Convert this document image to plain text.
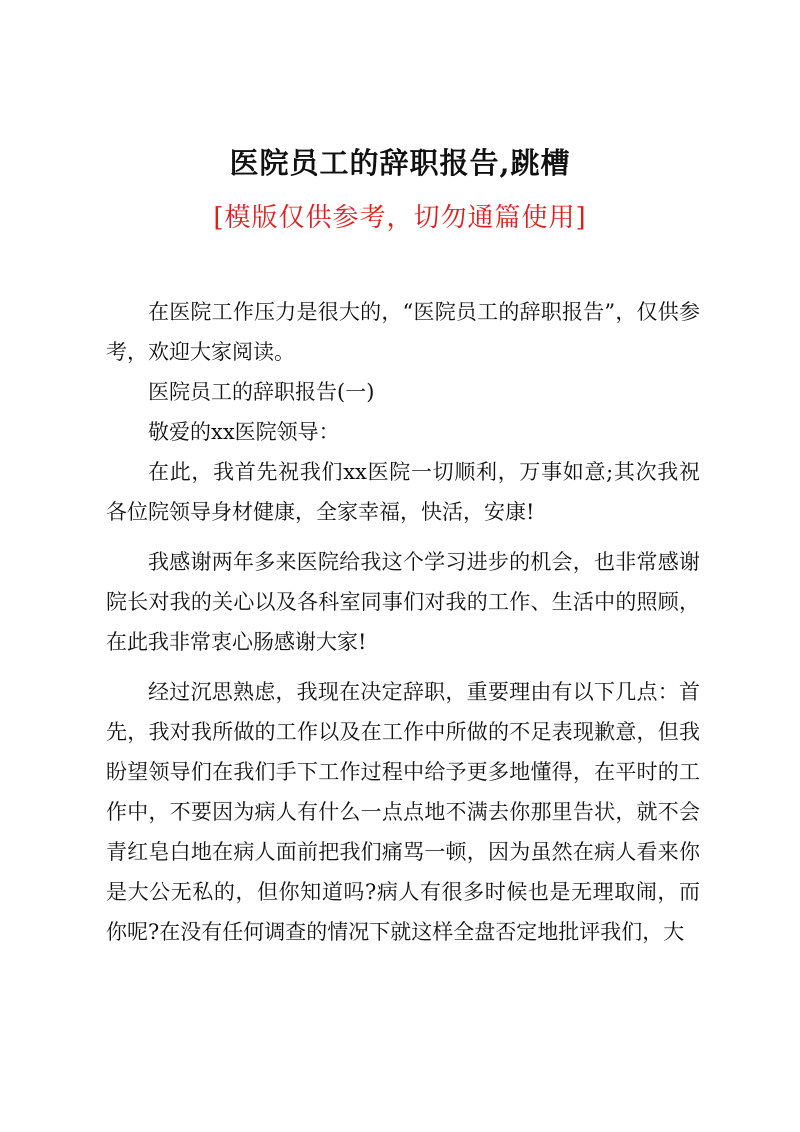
医院员工的辞职报告,跳槽
[模版仅供参考，切勿通篇使用]

在医院工作压力是很大的，“医院员工的辞职报告”，仅供参考，欢迎大家阅读。

医院员工的辞职报告(一)

敬爱的xx医院领导：

在此，我首先祝我们xx医院一切顺利，万事如意;其次我祝各位院领导身材健康，全家幸福，快活，安康!

我感谢两年多来医院给我这个学习进步的机会，也非常感谢院长对我的关心以及各科室同事们对我的工作、生活中的照顾，在此我非常衷心肠感谢大家!

经过沉思熟虑，我现在决定辞职，重要理由有以下几点：首先，我对我所做的工作以及在工作中所做的不足表现歉意，但我盼望领导们在我们手下工作过程中给予更多地懂得，在平时的工作中，不要因为病人有什么一点点地不满去你那里告状，就不会青红皂白地在病人面前把我们痛骂一顿，因为虽然在病人看来你是大公无私的，但你知道吗?病人有很多时候也是无理取闹，而你呢?在没有任何调查的情况下就这样全盘否定地批评我们，大
